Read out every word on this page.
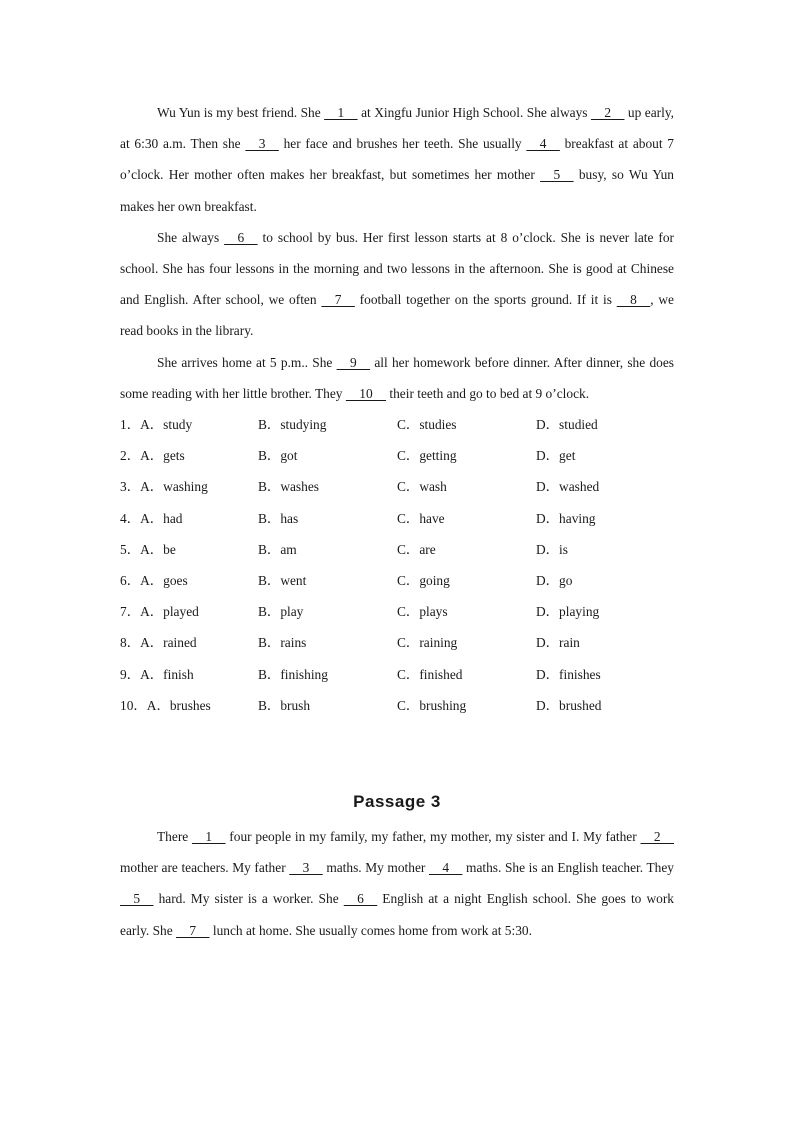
Wu Yun is my best friend. She     1     at Xingfu Junior High School. She always     2     up early, at 6:30 a.m. Then she     3     her face and brushes her teeth. She usually     4     breakfast at about 7 o’clock. Her mother often makes her breakfast, but sometimes her mother     5     busy, so Wu Yun makes her own breakfast.

She always     6     to school by bus. Her first lesson starts at 8 o’clock. She is never late for school. She has four lessons in the morning and two lessons in the afternoon. She is good at Chinese and English. After school, we often     7     football together on the sports ground. If it is     8    , we read books in the library.

She arrives home at 5 p.m.. She     9     all her homework before dinner. After dinner, she does some reading with her little brother. They     10     their teeth and go to bed at 9 o’clock.

1．A．study	B．studying	C．studies	D．studied
2．A．gets	B．got	C．getting	D．get
3．A．washing	B．washes	C．wash	D．washed
4．A．had	B．has	C．have	D．having
5．A．be	B．am	C．are	D．is
6．A．goes	B．went	C．going	D．go
7．A．played	B．play	C．plays	D．playing
8．A．rained	B．rains	C．raining	D．rain
9．A．finish	B．finishing	C．finished	D．finishes
10．A．brushes	B．brush	C．brushing	D．brushed
Passage 3

There     1     four people in my family, my father, my mother, my sister and I. My father     2     mother are teachers. My father     3     maths. My mother     4     maths. She is an English teacher. They     5     hard. My sister is a worker. She     6     English at a night English school. She goes to work early. She     7     lunch at home. She usually comes home from work at 5:30.
